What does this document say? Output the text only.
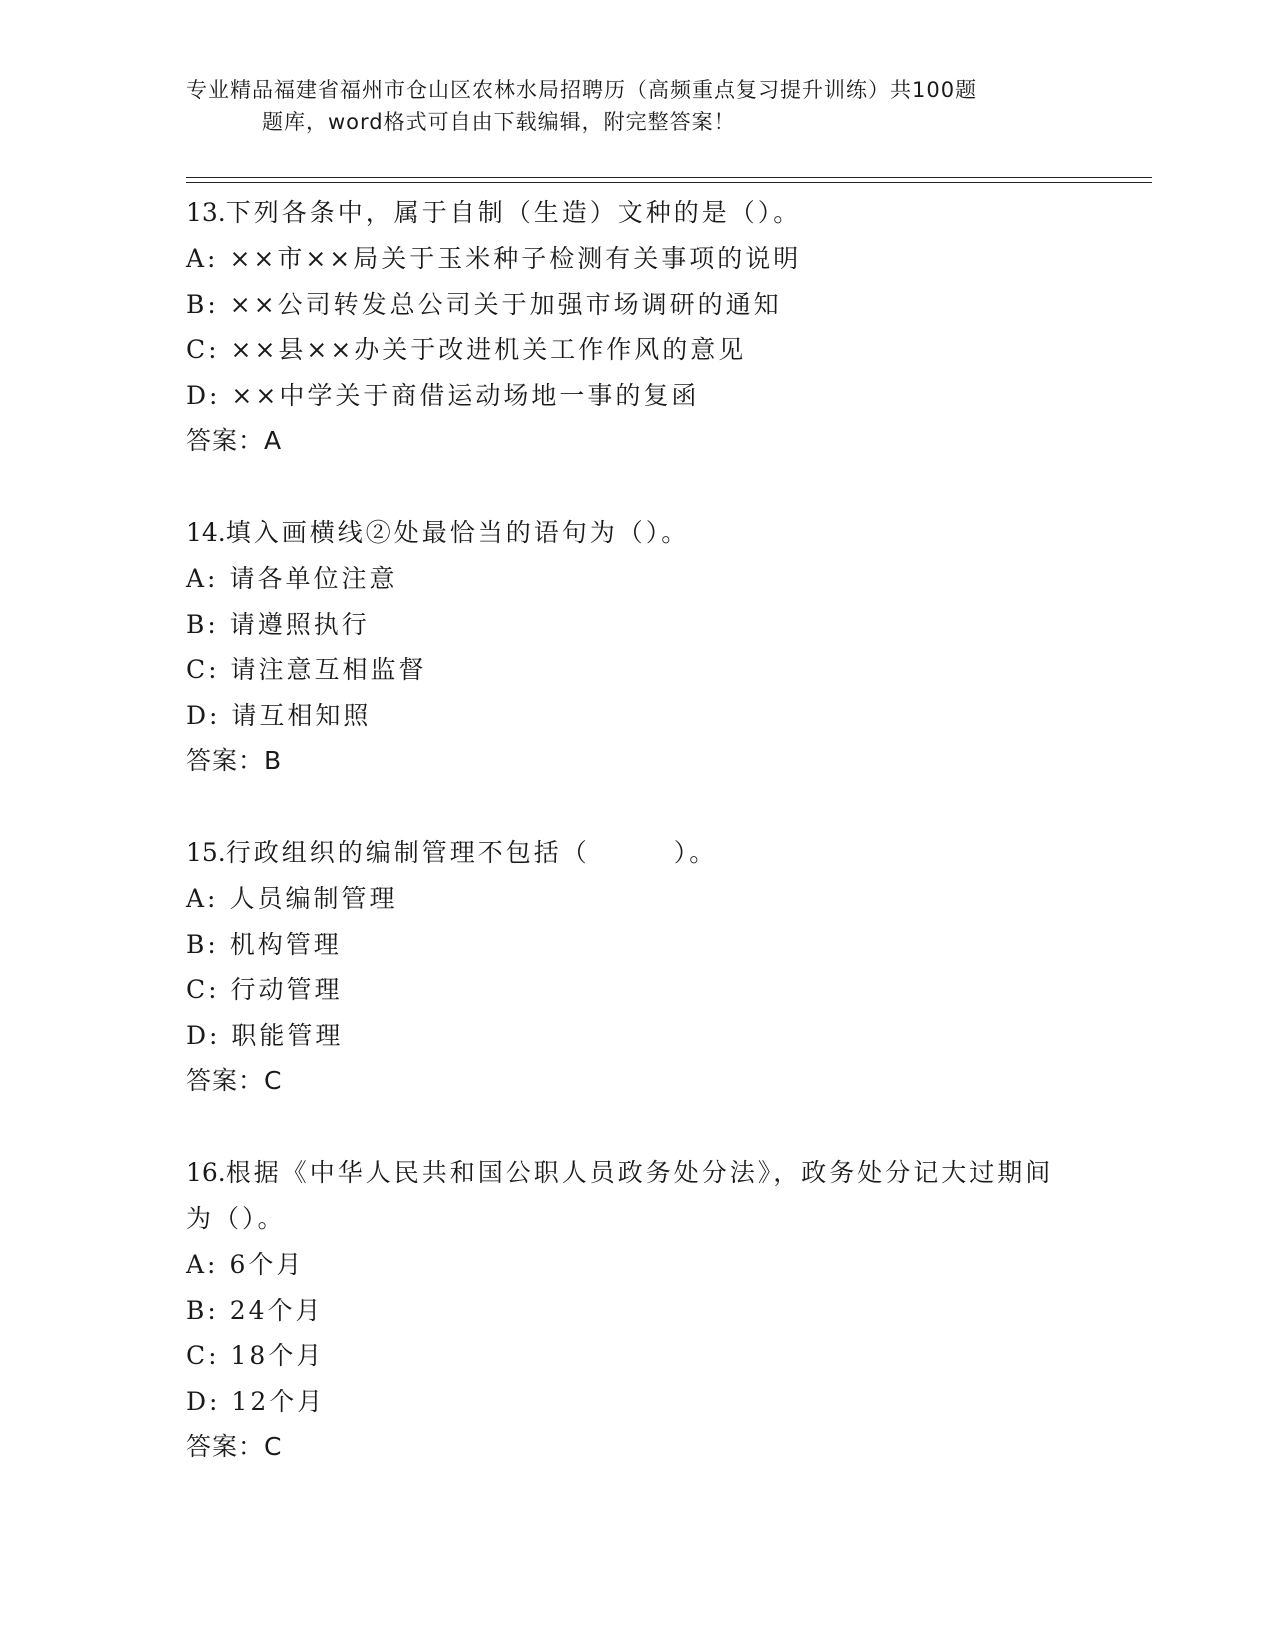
专业精品福建省福州市仓山区农林水局招聘历（高频重点复习提升训练）共100题
题库，word格式可自由下载编辑，附完整答案！

13.下列各条中，属于自制（生造）文种的是（）。

A: ××市××局关于玉米种子检测有关事项的说明

B: ××公司转发总公司关于加强市场调研的通知

C: ××县××办关于改进机关工作作风的意见

D: ××中学关于商借运动场地一事的复函

答案：A

14.填入画横线②处最恰当的语句为（）。

A: 请各单位注意

B: 请遵照执行

C: 请注意互相监督

D: 请互相知照

答案：B

15.行政组织的编制管理不包括（　　　）。

A: 人员编制管理

B: 机构管理

C: 行动管理

D: 职能管理

答案：C

16.根据《中华人民共和国公职人员政务处分法》，政务处分记大过期间为（）。

A: 6个月

B: 24个月

C: 18个月

D: 12个月

答案：C
